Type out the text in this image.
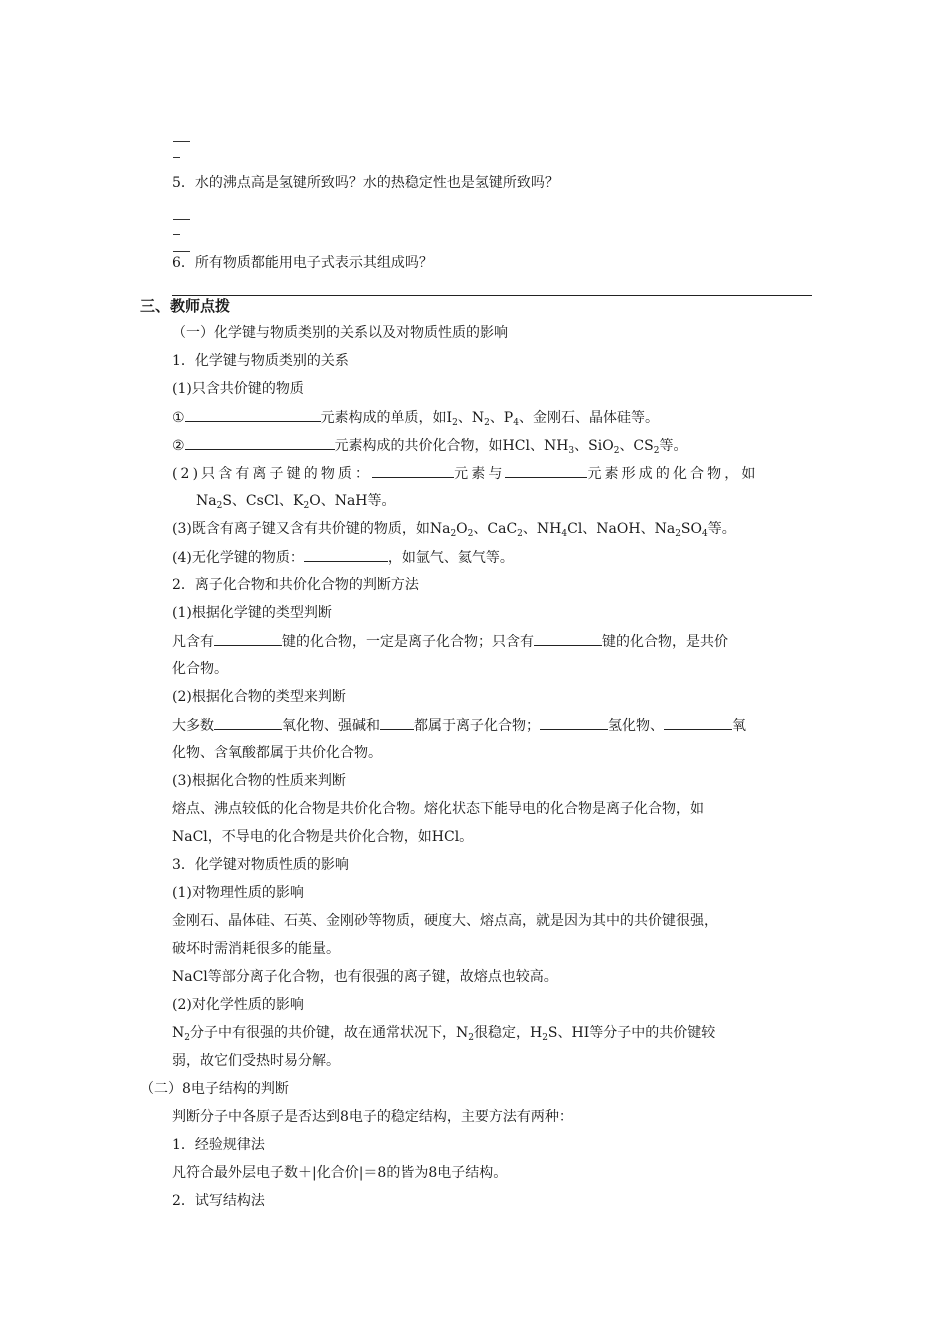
5．水的沸点高是氢键所致吗？水的热稳定性也是氢键所致吗？
6．所有物质都能用电子式表示其组成吗？
三、教师点拨
（一）化学键与物质类别的关系以及对物质性质的影响
1．化学键与物质类别的关系
(1)只含共价键的物质
①	元素构成的单质，如$I_2$、$N_2$、$P_4$、金刚石、晶体硅等。
②	元素构成的共价化合物，如HCl、$NH_3$、SiO$_2$、$CS_2$等。
(2)只含有离子键的物质：	元素与	元素形成的化合物，如
$Na_2S$、CsCl、$K_2O$、NaH等。
(3)既含有离子键又含有共价键的物质，如$Na_2O_2$、CaC$_2$、$NH_4Cl$、NaOH、$Na_2SO_4$等。
(4)无化学键的物质：	，如氩气、氦气等。
2．离子化合物和共价化合物的判断方法
(1)根据化学键的类型判断
凡含有	键的化合物，一定是离子化合物；只含有	键的化合物，是共价
化合物。
(2)根据化合物的类型来判断
大多数	氧化物、强碱和 都属于离子化合物；	氢化物、	氧
化物、含氧酸都属于共价化合物。
(3)根据化合物的性质来判断
熔点、沸点较低的化合物是共价化合物。熔化状态下能导电的化合物是离子化合物，如
NaCl，不导电的化合物是共价化合物，如HCl。
3．化学键对物质性质的影响
(1)对物理性质的影响
金刚石、晶体硅、石英、金刚砂等物质，硬度大、熔点高，就是因为其中的共价键很强，
破坏时需消耗很多的能量。
NaCl等部分离子化合物，也有很强的离子键，故熔点也较高。
(2)对化学性质的影响
$N_2$分子中有很强的共价键，故在通常状况下，$N_2$很稳定，$H_2S$、HI等分子中的共价键较
弱，故它们受热时易分解。
（二）8电子结构的判断
判断分子中各原子是否达到8电子的稳定结构，主要方法有两种：
1．经验规律法
凡符合最外层电子数＋|化合价|＝8的皆为8电子结构。
2．试写结构法
